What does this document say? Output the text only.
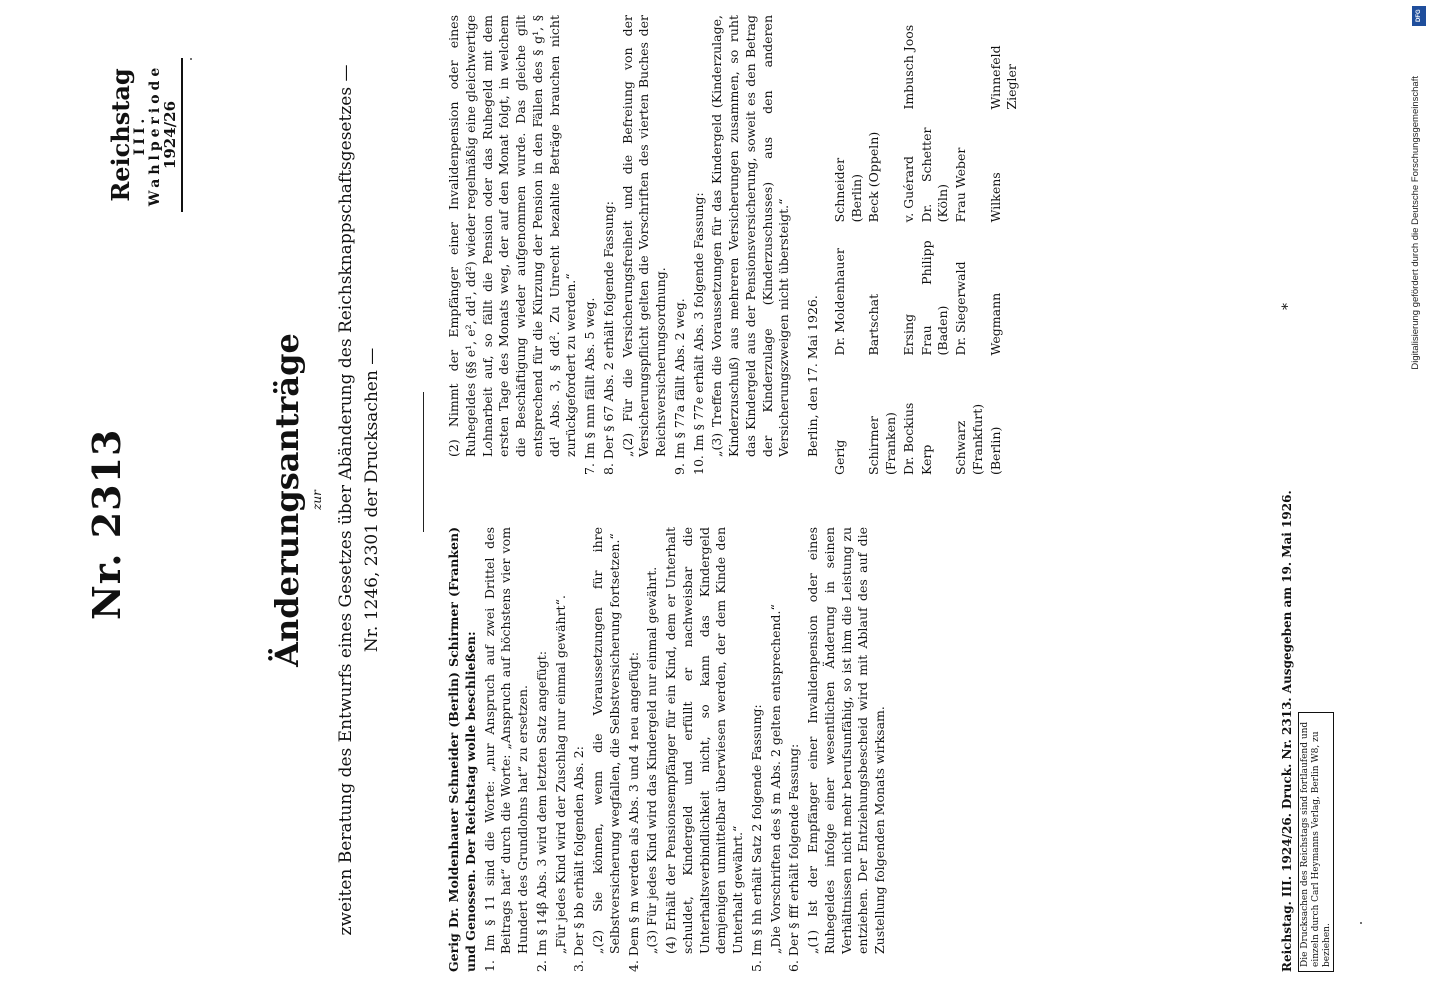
Nr. 2313
Reichstag
III. Wahlperiode
1924/26
Änderungsanträge zur zweiten Beratung des Entwurfs eines Gesetzes über Abänderung des Reichsknappschaftsgesetzes — Nr. 1246, 2301 der Drucksachen —

Gerig Dr. Moldenhauer Schneider (Berlin) Schirmer (Franken) und Genossen. Der Reichstag wolle beschließen: 1. Im § 11 sind die Worte: „nur Anspruch auf zwei Drittel des Beitrags hat“ durch die Worte: „Anspruch auf höchstens vier vom Hundert des Grundlohns hat“ zu ersetzen. 2. Im § 14β Abs. 3 wird dem letzten Satz angefügt: „Für jedes Kind wird der Zuschlag nur einmal gewährt“. 3. Der § bb erhält folgenden Abs. 2: „(2) Sie können, wenn die Voraussetzungen für ihre Selbstversicherung wegfallen, die Selbstversicherung fortsetzen.“ 4. Dem § m werden als Abs. 3 und 4 neu angefügt: „(3) Für jedes Kind wird das Kindergeld nur einmal gewährt. (4) Erhält der Pensionsempfänger für ein Kind, dem er Unterhalt schuldet, Kindergeld und erfüllt er nachweisbar die Unterhaltsverbindlichkeit nicht, so kann das Kindergeld demjenigen unmittelbar überwiesen werden, der dem Kinde den Unterhalt gewährt.“ 5. Im § hh erhält Satz 2 folgende Fassung: „Die Vorschriften des § m Abs. 2 gelten entsprechend.“ 6. Der § fff erhält folgende Fassung: „(1) Ist der Empfänger einer Invalidenpension oder eines Ruhegeldes infolge einer wesentlichen Änderung in seinen Verhältnissen nicht mehr berufsunfähig, so ist ihm die Leistung zu entziehen. Der Entziehungsbescheid wird mit Ablauf des auf die Zustellung folgenden Monats wirksam.

(2) Nimmt der Empfänger einer Invalidenpension oder eines Ruhegeldes (§§ e¹, e², dd¹, dd²) wieder regelmäßig eine gleichwertige Lohnarbeit auf, so fällt die Pension oder das Ruhegeld mit dem ersten Tage des Monats weg, der auf den Monat folgt, in welchem die Beschäftigung wieder aufgenommen wurde. Das gleiche gilt entsprechend für die Kürzung der Pension in den Fällen des § g¹, § dd¹ Abs. 3, § dd². Zu Unrecht bezahlte Beträge brauchen nicht zurückgefordert zu werden.“ 7. Im § nnn fällt Abs. 5 weg. 8. Der § 67 Abs. 2 erhält folgende Fassung: „(2) Für die Versicherungsfreiheit und die Befreiung von der Versicherungspflicht gelten die Vorschriften des vierten Buches der Reichsversicherungsordnung. 9. Im § 77a fällt Abs. 2 weg. 10. Im § 77e erhält Abs. 3 folgende Fassung: „(3) Treffen die Voraussetzungen für das Kindergeld (Kinderzulage, Kinderzuschuß) aus mehreren Versicherungen zusammen, so ruht das Kindergeld aus der Pensionsversicherung, soweit es den Betrag der Kinderzulage (Kinderzuschusses) aus den anderen Versicherungszweigen nicht übersteigt.“ Berlin, den 17. Mai 1926.

Gerig
Dr. Moldenhauer
Schneider (Berlin)
Schirmer (Franken)
Bartschat
Beck (Oppeln)
Dr. Bockius
Ersing
v. Guérard
Imbusch Joos
Kerp
Frau Philipp (Baden)
Dr. Schetter (Köln)
Schwarz (Frankfurt)
Dr. Siegerwald
Frau Weber
(Berlin)
Wegmann
Wilkens
Winnefeld Ziegler
Reichstag. III. 1924/26. Druck. Nr. 2313. Ausgegeben am 19. Mai 1926. Die Drucksachen des Reichstags sind fortlaufend und einzeln durch Carl Heymanns Verlag, Berlin W8, zu beziehen.
*
DFG
Digitalisierung gefördert durch die Deutsche Forschungsgemeinschaft
